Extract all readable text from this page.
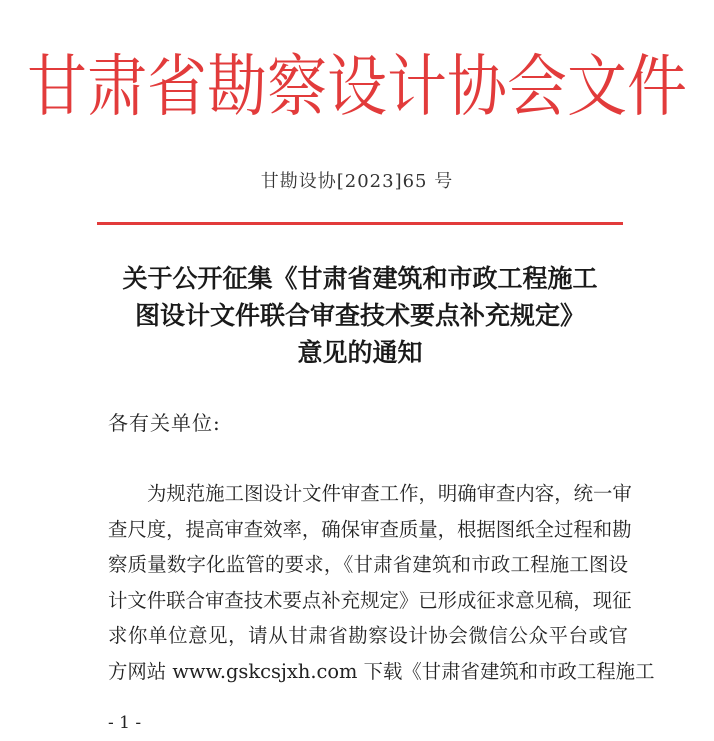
甘肃省勘察设计协会文件
甘勘设协[2023]65 号
关于公开征集《甘肃省建筑和市政工程施工
图设计文件联合审查技术要点补充规定》
意见的通知
各有关单位:
为规范施工图设计文件审查工作，明确审查内容，统一审
查尺度，提高审查效率，确保审查质量，根据图纸全过程和勘
察质量数字化监管的要求，《甘肃省建筑和市政工程施工图设
计文件联合审查技术要点补充规定》已形成征求意见稿，现征
求你单位意见，请从甘肃省勘察设计协会微信公众平台或官
方网站 www.gskcsjxh.com 下载《甘肃省建筑和市政工程施工
- 1 -
